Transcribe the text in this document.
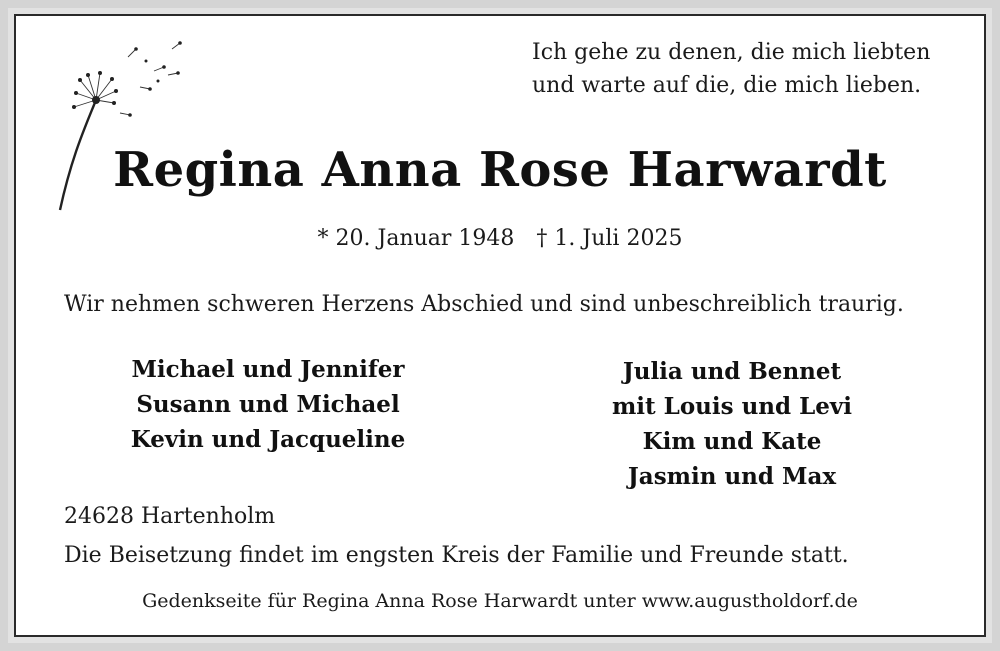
Ich gehe zu denen, die mich liebten
und warte auf die, die mich lieben.
Regina Anna Rose Harwardt
* 20. Januar 1948 † 1. Juli 2025
Wir nehmen schweren Herzens Abschied und sind unbeschreiblich traurig.
Michael und Jennifer
Susann und Michael
Kevin und Jacqueline
Julia und Bennet
mit Louis und Levi
Kim und Kate
Jasmin und Max
24628 Hartenholm
Die Beisetzung findet im engsten Kreis der Familie und Freunde statt.
Gedenkseite für Regina Anna Rose Harwardt unter www.augustholdorf.de
